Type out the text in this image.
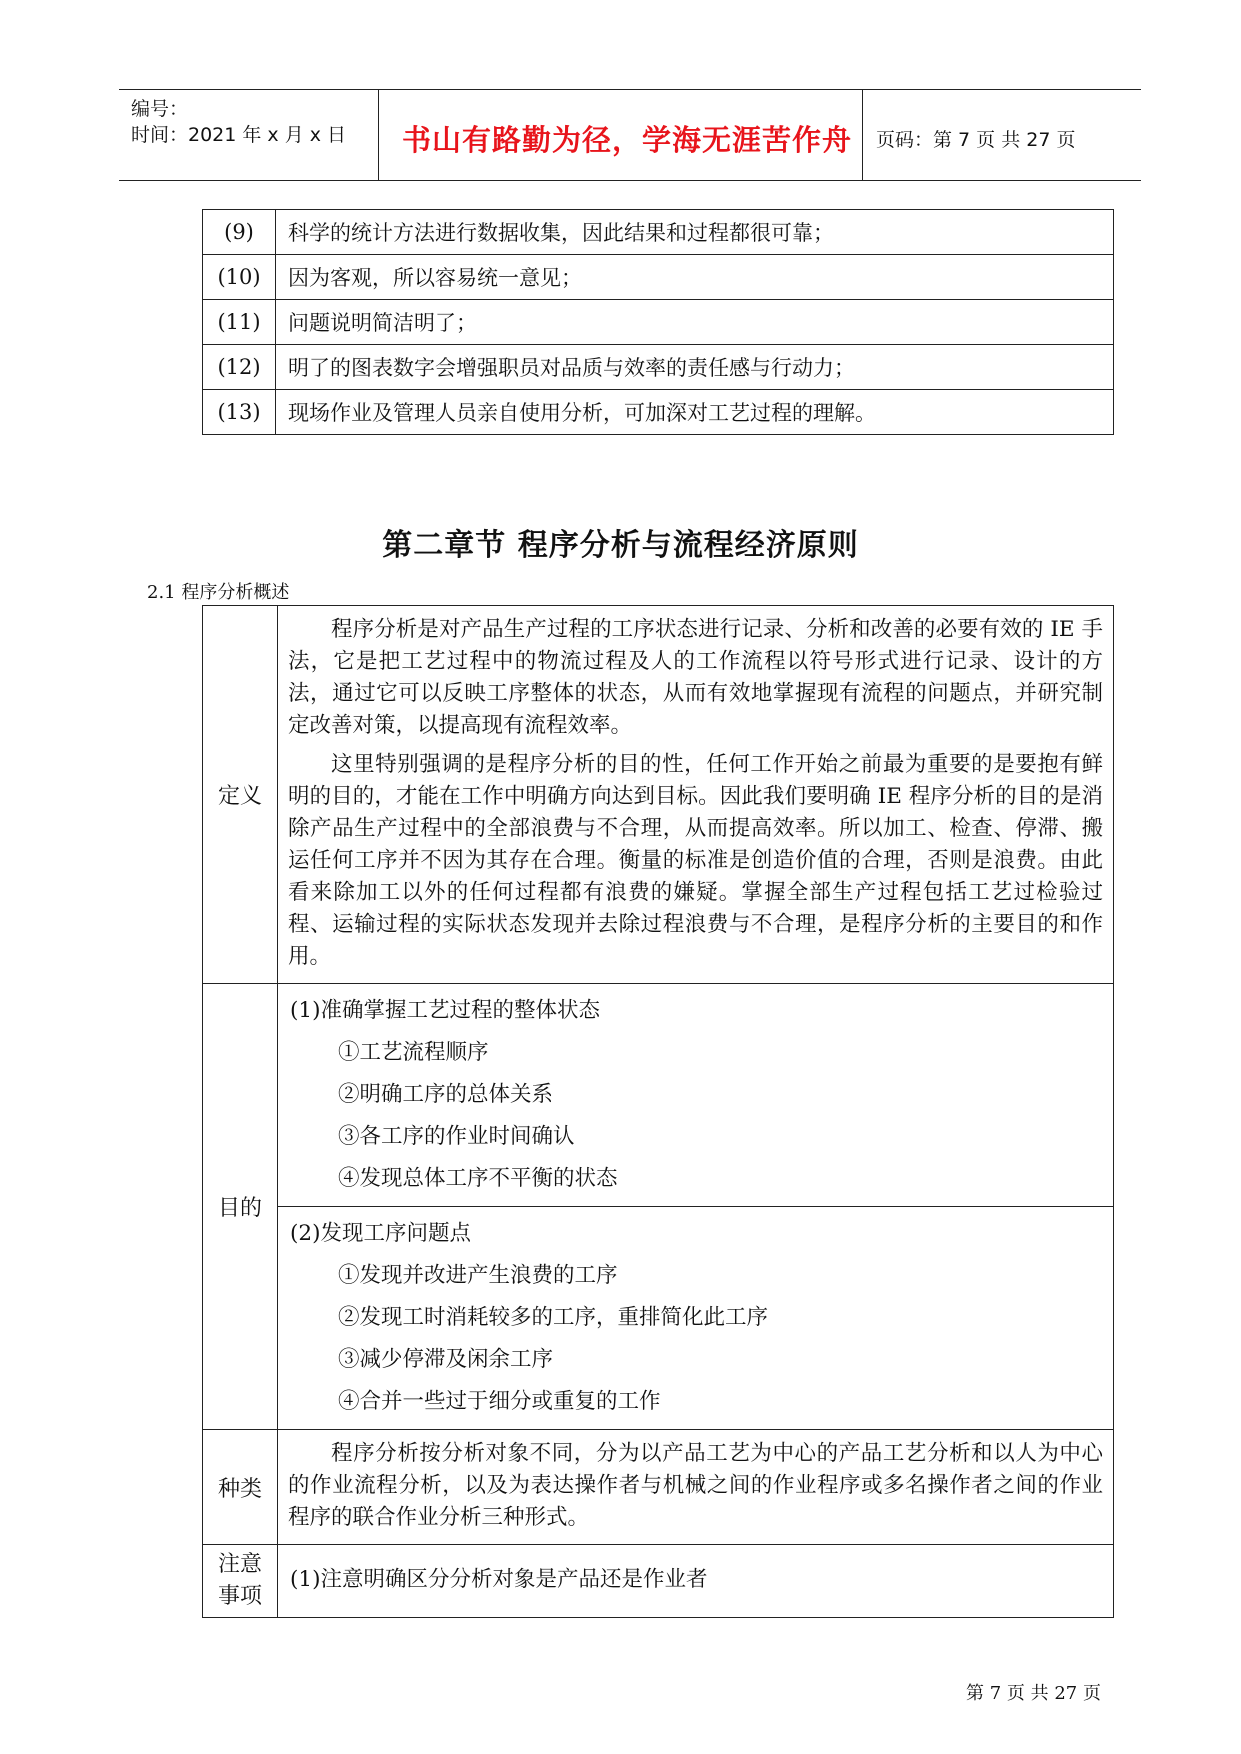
编号：
时间：2021 年 x 月 x 日 书山有路勤为径，学海无涯苦作舟 页码：第 7 页 共 27 页
(9)	科学的统计方法进行数据收集，因此结果和过程都很可靠；
(10)	因为客观，所以容易统一意见；
(11)	问题说明简洁明了；
(12)	明了的图表数字会增强职员对品质与效率的责任感与行动力；
(13)	现场作业及管理人员亲自使用分析，可加深对工艺过程的理解。
第二章节 程序分析与流程经济原则
2.1 程序分析概述
定义	程序分析是对产品生产过程的工序状态进行记录、分析和改善的必要有效的 IE 手法，它是把工艺过程中的物流过程及人的工作流程以符号形式进行记录、设计的方法，通过它可以反映工序整体的状态，从而有效地掌握现有流程的问题点，并研究制定改善对策，以提高现有流程效率。

这里特别强调的是程序分析的目的性，任何工作开始之前最为重要的是要抱有鲜明的目的，才能在工作中明确方向达到目标。因此我们要明确 IE 程序分析的目的是消除产品生产过程中的全部浪费与不合理，从而提高效率。所以加工、检查、停滞、搬运任何工序并不因为其存在合理。衡量的标准是创造价值的合理，否则是浪费。由此看来除加工以外的任何过程都有浪费的嫌疑。掌握全部生产过程包括工艺过检验过程、运输过程的实际状态发现并去除过程浪费与不合理，是程序分析的主要目的和作用。

目的	(1)准确掌握工艺过程的整体状态
①工艺流程顺序
②明确工序的总体关系
③各工序的作业时间确认
④发现总体工序不平衡的状态

	(2)发现工序问题点
①发现并改进产生浪费的工序
②发现工时消耗较多的工序，重排简化此工序
③减少停滞及闲余工序
④合并一些过于细分或重复的工作

种类	程序分析按分析对象不同，分为以产品工艺为中心的产品工艺分析和以人为中心的作业流程分析，以及为表达操作者与机械之间的作业程序或多名操作者之间的作业程序的联合作业分析三种形式。

注意
事项	(1)注意明确区分分析对象是产品还是作业者
第 7 页 共 27 页
